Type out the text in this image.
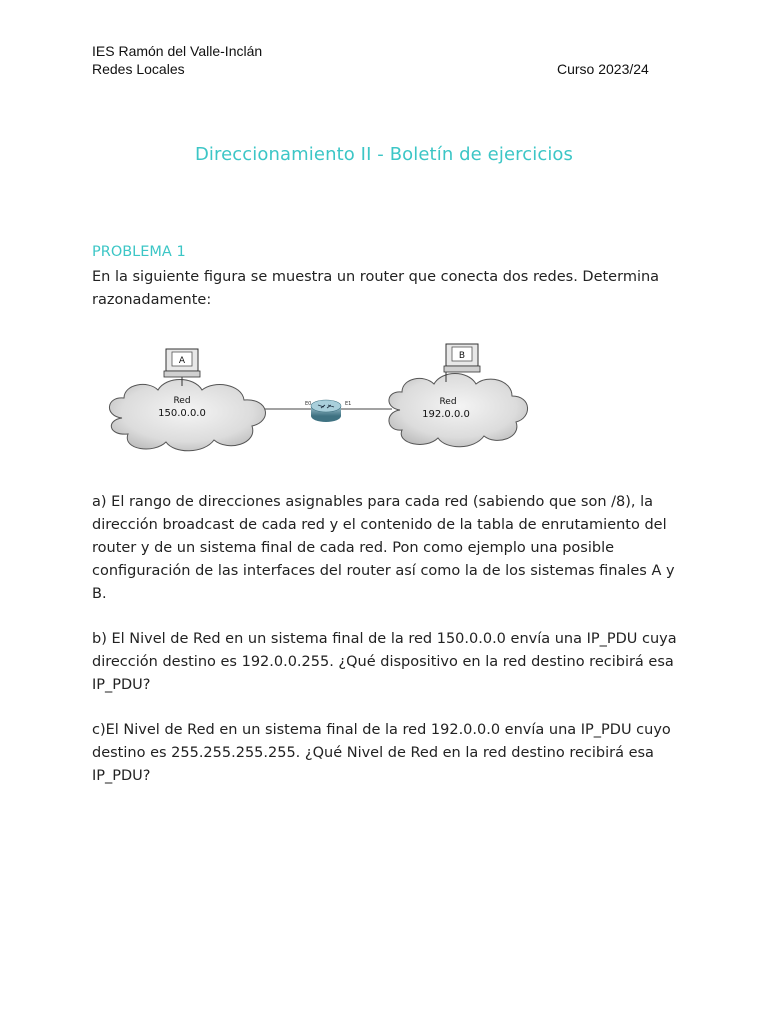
IES Ramón del Valle-Inclán
Redes Locales	Curso 2023/24
Direccionamiento II - Boletín de ejercicios
PROBLEMA 1
En la siguiente figura se muestra un router que conecta dos redes. Determina
razonadamente:
Red
150.0.0.0
A
E0	E1	Red
192.0.0.0
B
a) El rango de direcciones asignables para cada red (sabiendo que son /8), la
dirección broadcast de cada red y el contenido de la tabla de enrutamiento del
router y de un sistema final de cada red. Pon como ejemplo una posible
configuración de las interfaces del router así como la de los sistemas finales A y B.
b) El Nivel de Red en un sistema final de la red 150.0.0.0 envía una IP_PDU cuya
dirección destino es 192.0.0.255. ¿Qué dispositivo en la red destino recibirá esa
IP_PDU?
c)El Nivel de Red en un sistema final de la red 192.0.0.0 envía una IP_PDU cuyo
destino es 255.255.255.255. ¿Qué Nivel de Red en la red destino recibirá esa
IP_PDU?
